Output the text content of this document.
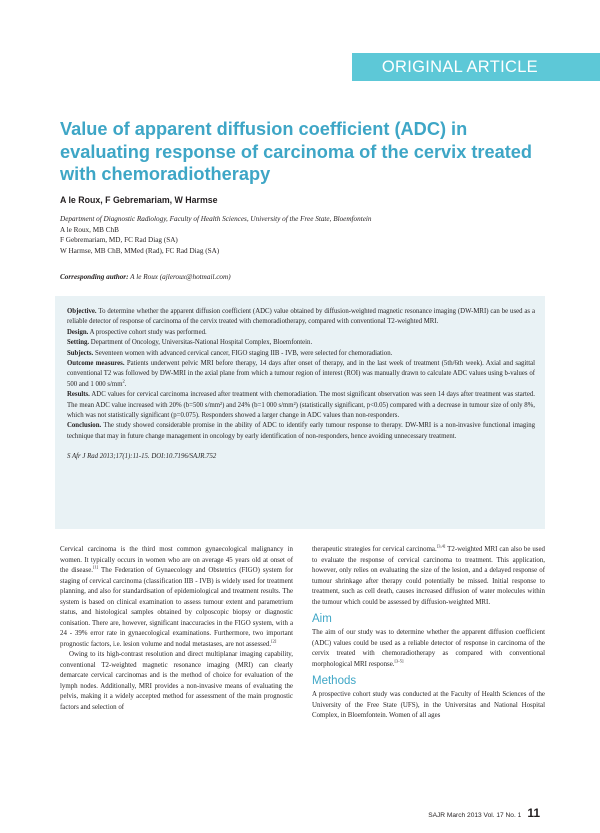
ORIGINAL ARTICLE
Value of apparent diffusion coefficient (ADC) in evaluating response of carcinoma of the cervix treated with chemoradiotherapy
A le Roux, F Gebremariam, W Harmse
Department of Diagnostic Radiology, Faculty of Health Sciences, University of the Free State, Bloemfontein
A le Roux, MB ChB
F Gebremariam, MD, FC Rad Diag (SA)
W Harmse, MB ChB, MMed (Rad), FC Rad Diag (SA)
Corresponding author: A le Roux (ajleroux@hotmail.com)

Objective. To determine whether the apparent diffusion coefficient (ADC) value obtained by diffusion-weighted magnetic resonance imaging (DW-MRI) can be used as a reliable detector of response of carcinoma of the cervix treated with chemoradiotherapy, compared with conventional T2-weighted MRI.

Design. A prospective cohort study was performed.

Setting. Department of Oncology, Universitas-National Hospital Complex, Bloemfontein.

Subjects. Seventeen women with advanced cervical cancer, FIGO staging IIB - IVB, were selected for chemoradiation.

Outcome measures. Patients underwent pelvic MRI before therapy, 14 days after onset of therapy, and in the last week of treatment (5th/6th week). Axial and sagittal conventional T2 was followed by DW-MRI in the axial plane from which a tumour region of interest (ROI) was manually drawn to calculate ADC values using b-values of 500 and 1 000 $s/mm^2$.

Results. ADC values for cervical carcinoma increased after treatment with chemoradiation. The most significant observation was seen 14 days after treatment was started. The mean ADC value increased with 20% (b=500 s/mm²) and 24% (b=1 000 s/mm²) (statistically significant, p<0.05) compared with a decrease in tumour size of only 8%, which was not statistically significant (p=0.075). Responders showed a larger change in ADC values than non-responders.

Conclusion. The study showed considerable promise in the ability of ADC to identify early tumour response to therapy. DW-MRI is a non-invasive functional imaging technique that may in future change management in oncology by early identification of non-responders, hence avoiding unnecessary treatment.

S Afr J Rad 2013;17(1):11-15. DOI:10.7196/SAJR.752

Cervical carcinoma is the third most common gynaecological malignancy in women. It typically occurs in women who are on average 45 years old at onset of the disease.[1] The Federation of Gynaecology and Obstetrics (FIGO) system for staging of cervical carcinoma (classification IIB - IVB) is widely used for treatment planning, and also for standardisation of epidemiological and treatment results. The system is based on clinical examination to assess tumour extent and parametrium status, and histological samples obtained by colposcopic biopsy or diagnostic conisation. There are, however, significant inaccuracies in the FIGO system, with a 24 - 39% error rate in gynaecological examinations. Furthermore, two important prognostic factors, i.e. lesion volume and nodal metastases, are not assessed.[2]

Owing to its high-contrast resolution and direct multiplanar imaging capability, conventional T2-weighted magnetic resonance imaging (MRI) can clearly demarcate cervical carcinomas and is the method of choice for evaluation of the lymph nodes. Additionally, MRI provides a non-invasive means of evaluating the pelvis, making it a widely accepted method for assessment of the main prognostic factors and selection of

therapeutic strategies for cervical carcinoma.[3,4] T2-weighted MRI can also be used to evaluate the response of cervical carcinoma to treatment. This application, however, only relies on evaluating the size of the lesion, and a delayed response of tumour shrinkage after therapy could potentially be missed. Initial response to treatment, such as cell death, causes increased diffusion of water molecules within the tumour which could be assessed by diffusion-weighted MRI.

Aim

The aim of our study was to determine whether the apparent diffusion coefficient (ADC) values could be used as a reliable detector of response in carcinoma of the cervix treated with chemoradiotherapy as compared with conventional morphological MRI response.[3-5]

Methods

A prospective cohort study was conducted at the Faculty of Health Sciences of the University of the Free State (UFS), in the Universitas and National Hospital Complex, in Bloemfontein. Women of all ages

SAJR March 2013 Vol. 17 No. 1 11
